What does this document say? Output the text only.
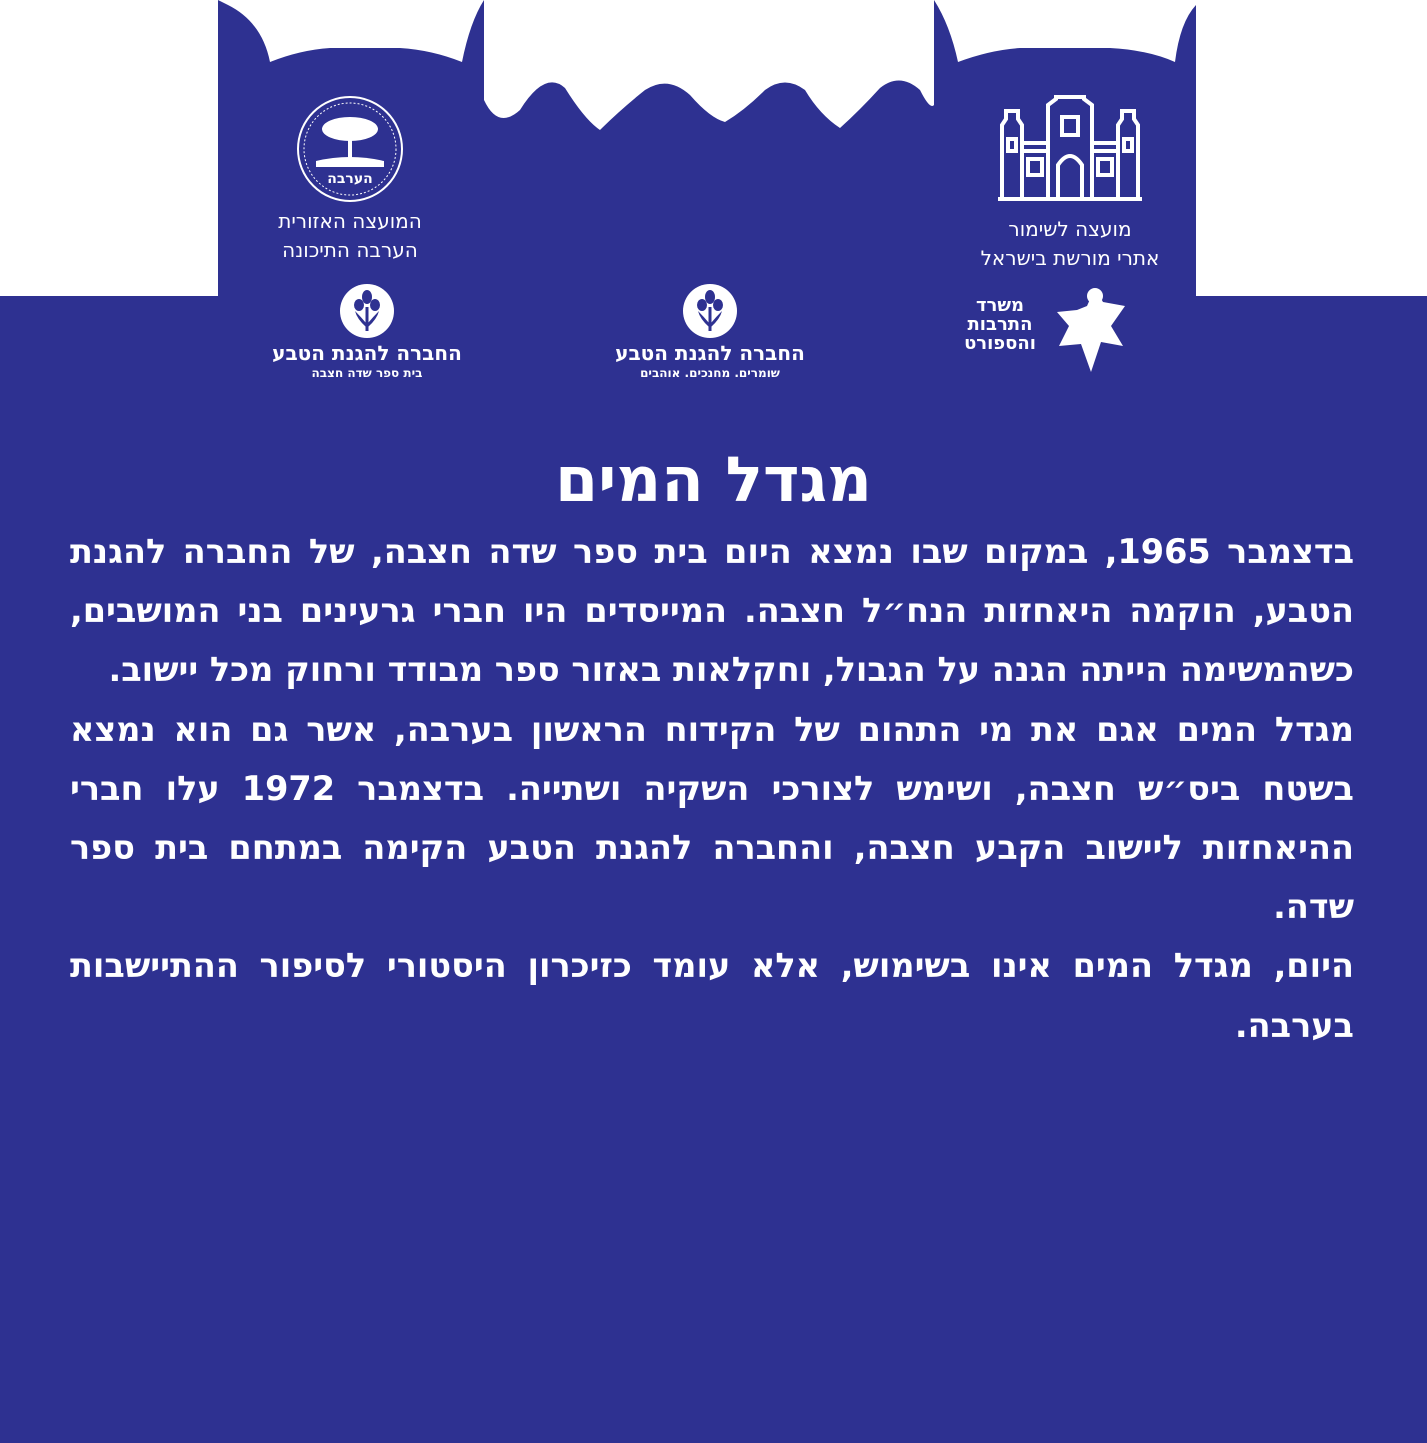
הערבה
המועצה האזורית
הערבה התיכונה
מועצה לשימור
אתרי מורשת בישראל
החברה להגנת הטבע
בית ספר שדה חצבה
החברה להגנת הטבע
שומרים. מחנכים. אוהבים
משרד
התרבות
והספורט
מגדל המים

בדצמבר 1965, במקום שבו נמצא היום בית ספר שדה חצבה, של החברה להגנת הטבע, הוקמה היאחזות הנח״ל חצבה. המייסדים היו חברי גרעינים בני המושבים, כשהמשימה הייתה הגנה על הגבול, וחקלאות באזור ספר מבודד ורחוק מכל יישוב.

מגדל המים אגם את מי התהום של הקידוח הראשון בערבה, אשר גם הוא נמצא בשטח ביס״ש חצבה, ושימש לצורכי השקיה ושתייה. בדצמבר 1972 עלו חברי ההיאחזות ליישוב הקבע חצבה, והחברה להגנת הטבע הקימה במתחם בית ספר שדה.

היום, מגדל המים אינו בשימוש, אלא עומד כזיכרון היסטורי לסיפור ההתיישבות בערבה.
